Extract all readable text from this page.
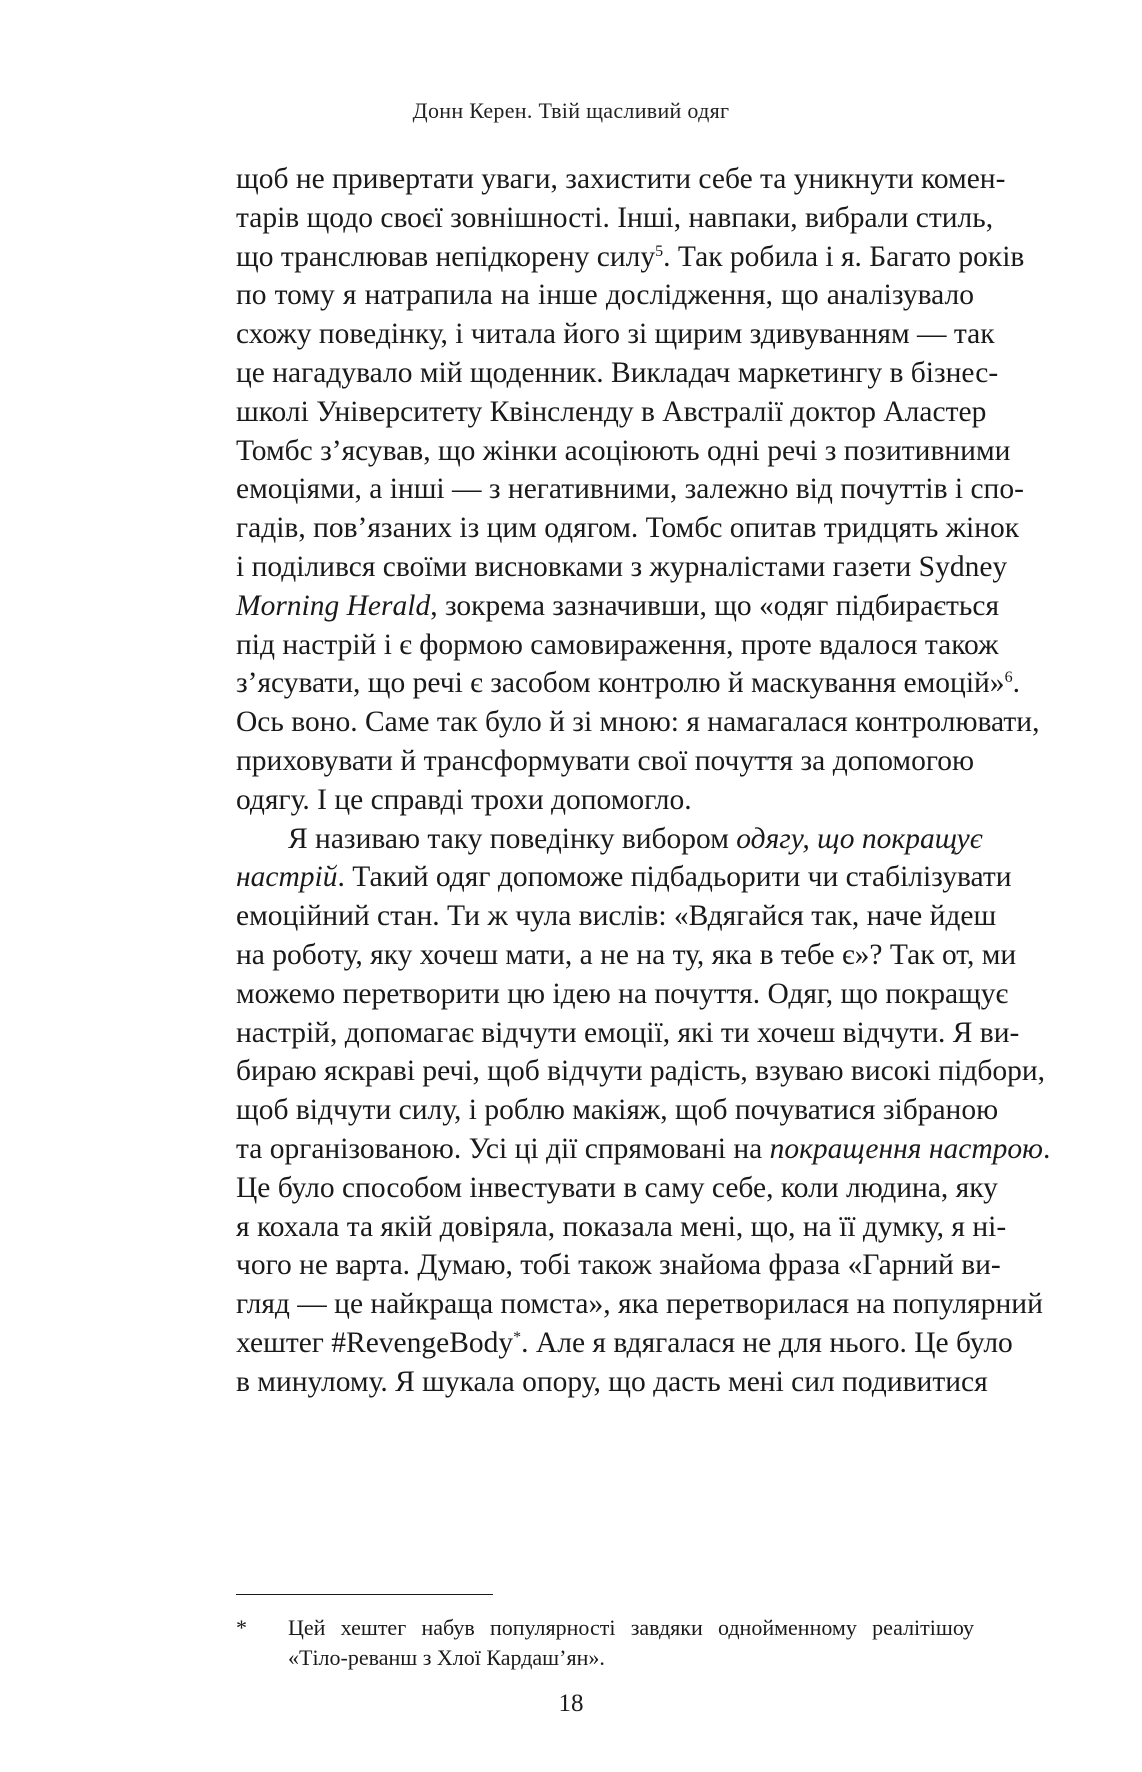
Донн Керен. Твій щасливий одяг
щоб не привертати уваги, захистити себе та уникнути комен-
тарів щодо своєї зовнішності. Інші, навпаки, вибрали стиль,
що транслював непідкорену силу$^5$. Так робила і я. Багато років
по тому я натрапила на інше дослідження, що аналізувало
схожу поведінку, і читала його зі щирим здивуванням — так
це нагадувало мій щоденник. Викладач маркетингу в бізнес-
школі Університету Квінсленду в Австралії доктор Аластер
Томбс з’ясував, що жінки асоціюють одні речі з позитивними
емоціями, а інші — з негативними, залежно від почуттів і спо-
гадів, пов’язаних із цим одягом. Томбс опитав тридцять жінок
і поділився своїми висновками з журналістами газети Sydney
Morning Herald, зокрема зазначивши, що «одяг підбирається
під настрій і є формою самовираження, проте вдалося також
з’ясувати, що речі є засобом контролю й маскування емоцій»$^6$.
Ось воно. Саме так було й зі мною: я намагалася контролювати,
приховувати й трансформувати свої почуття за допомогою
одягу. І це справді трохи допомогло.
Я називаю таку поведінку вибором одягу, що покращує
настрій. Такий одяг допоможе підбадьорити чи стабілізувати
емоційний стан. Ти ж чула вислів: «Вдягайся так, наче йдеш
на роботу, яку хочеш мати, а не на ту, яка в тебе є»? Так от, ми
можемо перетворити цю ідею на почуття. Одяг, що покращує
настрій, допомагає відчути емоції, які ти хочеш відчути. Я ви-
бираю яскраві речі, щоб відчути радість, взуваю високі підбори,
щоб відчути силу, і роблю макіяж, щоб почуватися зібраною
та організованою. Усі ці дії спрямовані на покращення настрою.
Це було способом інвестувати в саму себе, коли людина, яку
я кохала та якій довіряла, показала мені, що, на її думку, я ні-
чого не варта. Думаю, тобі також знайома фраза «Гарний ви-
гляд — це найкраща помста», яка перетворилася на популярний
хештег #RevengeBody*. Але я вдягалася не для нього. Це було
в минулому. Я шукала опору, що дасть мені сил подивитися
* Цей хештег набув популярності завдяки однойменному реалітішоу
«Тіло-реванш з Хлої Кардаш’ян».
18
